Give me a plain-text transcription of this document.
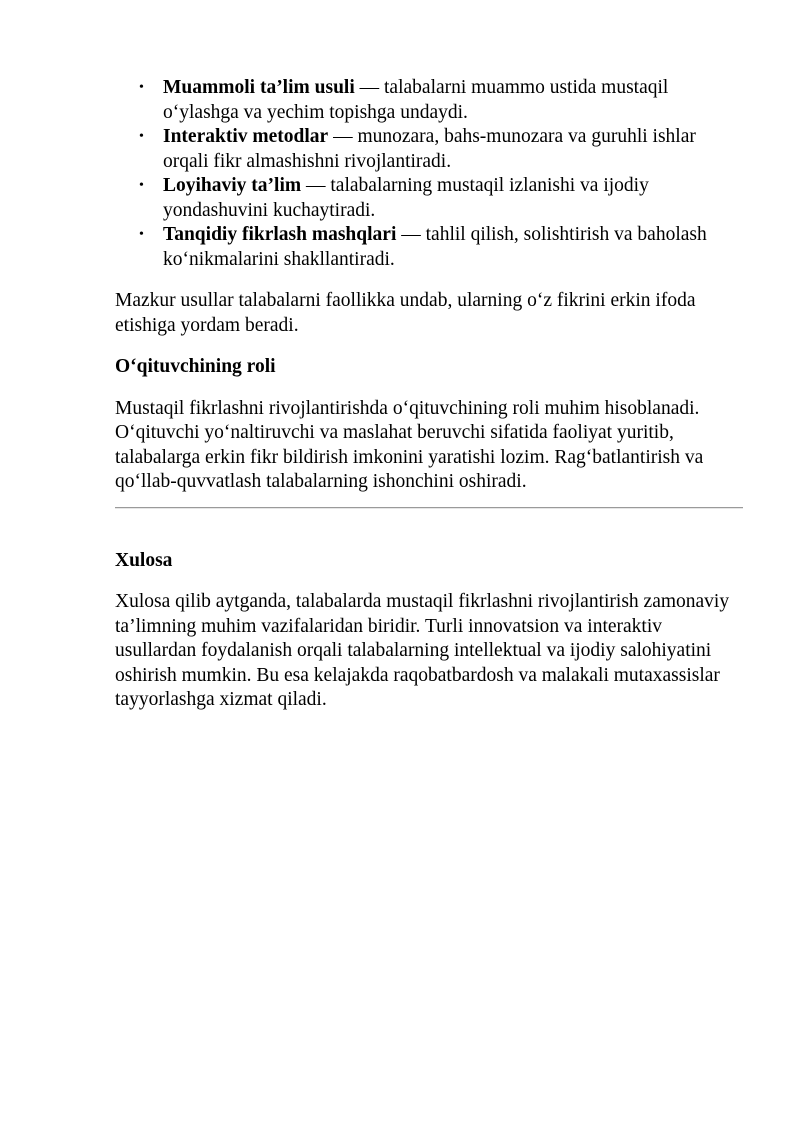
• Muammoli ta’lim usuli — talabalarni muammo ustida mustaqil o‘ylashga va yechim topishga undaydi.
• Interaktiv metodlar — munozara, bahs-munozara va guruhli ishlar orqali fikr almashishni rivojlantiradi.
• Loyihaviy ta’lim — talabalarning mustaqil izlanishi va ijodiy yondashuvini kuchaytiradi.
• Tanqidiy fikrlash mashqlari — tahlil qilish, solishtirish va baholash ko‘nikmalarini shakllantiradi.

Mazkur usullar talabalarni faollikka undab, ularning o‘z fikrini erkin ifoda etishiga yordam beradi.

O‘qituvchining roli

Mustaqil fikrlashni rivojlantirishda o‘qituvchining roli muhim hisoblanadi. O‘qituvchi yo‘naltiruvchi va maslahat beruvchi sifatida faoliyat yuritib, talabalarga erkin fikr bildirish imkonini yaratishi lozim. Rag‘batlantirish va qo‘llab-quvvatlash talabalarning ishonchini oshiradi.

Xulosa

Xulosa qilib aytganda, talabalarda mustaqil fikrlashni rivojlantirish zamonaviy ta’limning muhim vazifalaridan biridir. Turli innovatsion va interaktiv usullardan foydalanish orqali talabalarning intellektual va ijodiy salohiyatini oshirish mumkin. Bu esa kelajakda raqobatbardosh va malakali mutaxassislar tayyorlashga xizmat qiladi.
